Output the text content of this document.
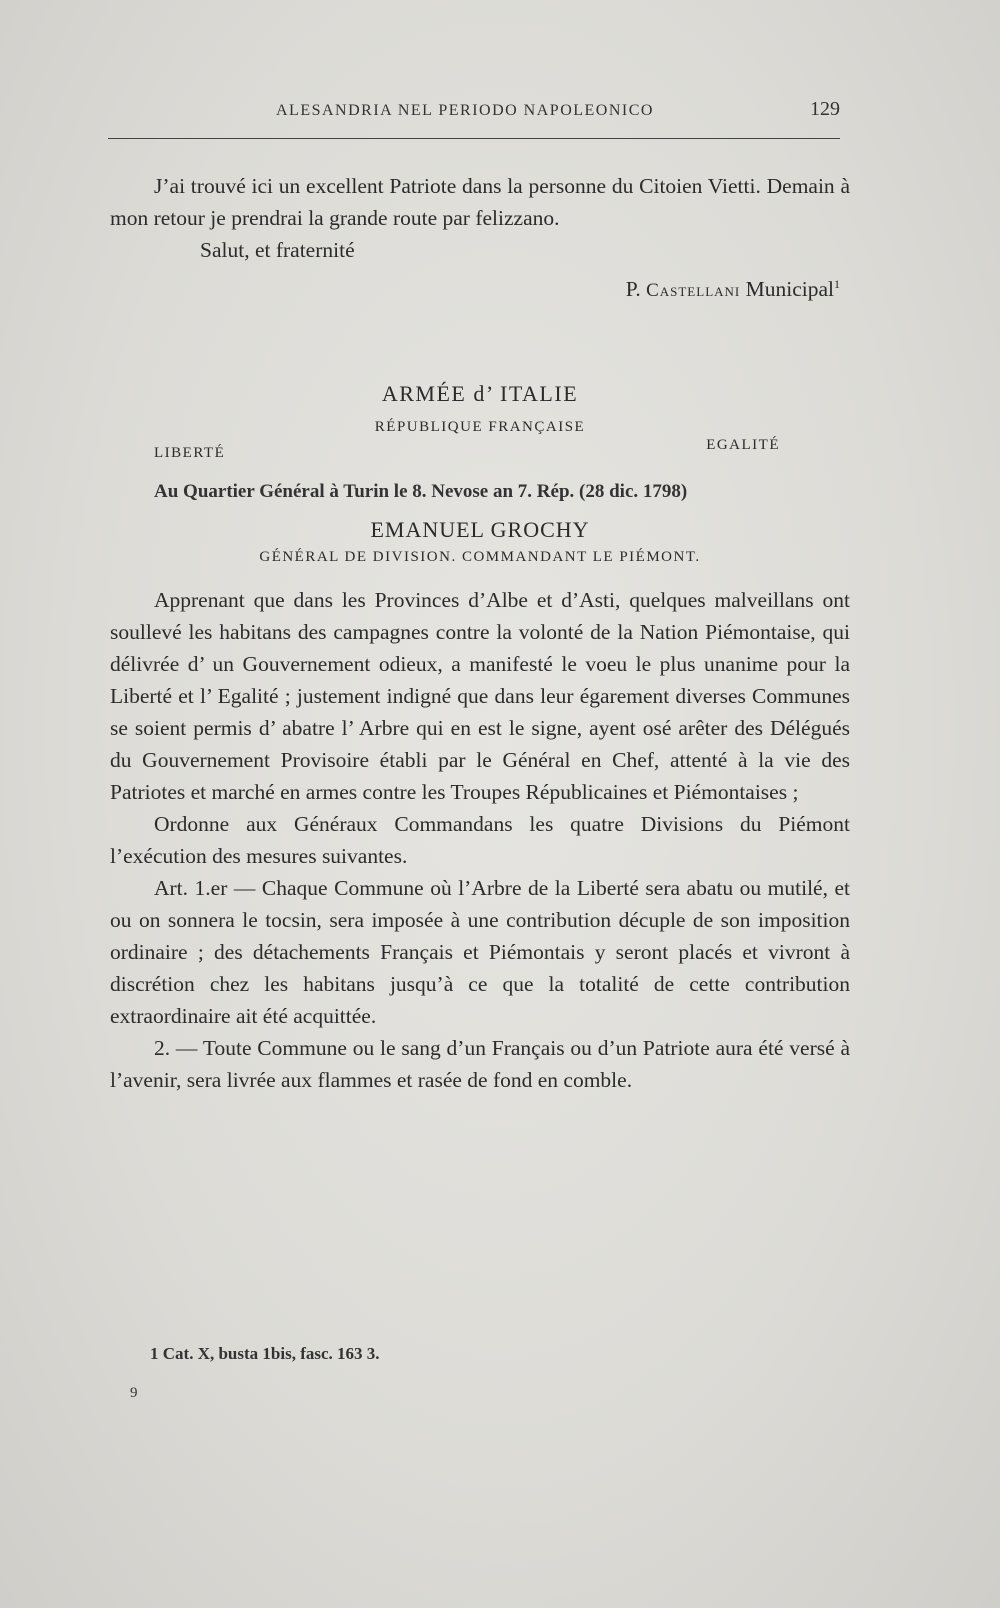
ALESANDRIA NEL PERIODO NAPOLEONICO	129

J’ai trouvé ici un excellent Patriote dans la personne du Citoien Vietti. Demain à mon retour je prendrai la grande route par felizzano.

Salut, et fraternité

P. Castellani Municipal$^1$

ARMÉE d’ ITALIE
RÉPUBLIQUE FRANÇAISE
LIBERTÉ	EGALITÉ
Au Quartier Général à Turin le 8. Nevose an 7. Rép. (28 dic. 1798)
EMANUEL GROCHY
GÉNÉRAL DE DIVISION. COMMANDANT LE PIÉMONT.

Apprenant que dans les Provinces d’Albe et d’Asti, quelques malveillans ont soullevé les habitans des campagnes contre la volonté de la Nation Piémontaise, qui délivrée d’ un Gouvernement odieux, a manifesté le voeu le plus unanime pour la Liberté et l’ Egalité ; justement indigné que dans leur égarement diverses Communes se soient permis d’ abatre l’ Arbre qui en est le signe, ayent osé arêter des Délégués du Gouvernement Provisoire établi par le Général en Chef, attenté à la vie des Patriotes et marché en armes contre les Troupes Républicaines et Piémontaises ;

Ordonne aux Généraux Commandans les quatre Divisions du Piémont l’exécution des mesures suivantes.

Art. 1.er — Chaque Commune où l’Arbre de la Liberté sera abatu ou mutilé, et ou on sonnera le tocsin, sera imposée à une contribution décuple de son imposition ordinaire ; des détachements Français et Piémontais y seront placés et vivront à discrétion chez les habitans jusqu’à ce que la totalité de cette contribution extraordinaire ait été acquittée.

2. — Toute Commune ou le sang d’un Français ou d’un Patriote aura été versé à l’avenir, sera livrée aux flammes et rasée de fond en comble.

1 Cat. X, busta 1bis, fasc. 163 3.
9
